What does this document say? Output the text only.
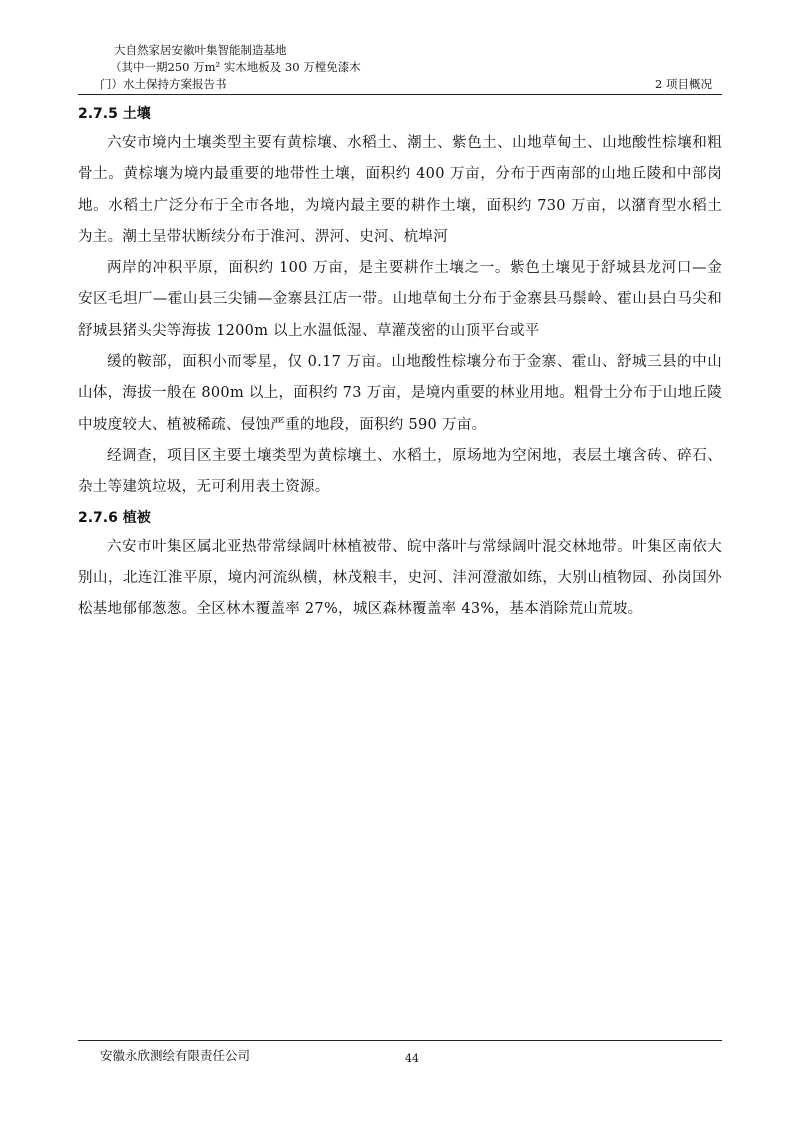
大自然家居安徽叶集智能制造基地
（其中一期250 万m² 实木地板及 30 万樘免漆木
门）水土保持方案报告书	2 项目概况
2.7.5 土壤

六安市境内土壤类型主要有黄棕壤、水稻土、潮土、紫色土、山地草甸土、山地酸性棕壤和粗骨土。黄棕壤为境内最重要的地带性土壤，面积约 400 万亩，分布于西南部的山地丘陵和中部岗地。水稻土广泛分布于全市各地，为境内最主要的耕作土壤，面积约 730 万亩，以潴育型水稻土为主。潮土呈带状断续分布于淮河、淠河、史河、杭埠河

两岸的冲积平原，面积约 100 万亩，是主要耕作土壤之一。紫色土壤见于舒城县龙河口—金安区毛坦厂—霍山县三尖铺—金寨县江店一带。山地草甸土分布于金寨县马鬃岭、霍山县白马尖和舒城县猪头尖等海拔 1200m 以上水温低湿、草灌茂密的山顶平台或平

缓的鞍部，面积小而零星，仅 0.17 万亩。山地酸性棕壤分布于金寨、霍山、舒城三县的中山山体，海拔一般在 800m 以上，面积约 73 万亩，是境内重要的林业用地。粗骨土分布于山地丘陵中坡度较大、植被稀疏、侵蚀严重的地段，面积约 590 万亩。

经调查，项目区主要土壤类型为黄棕壤土、水稻土，原场地为空闲地，表层土壤含砖、碎石、杂土等建筑垃圾，无可利用表土资源。

2.7.6 植被

六安市叶集区属北亚热带常绿阔叶林植被带、皖中落叶与常绿阔叶混交林地带。叶集区南依大别山，北连江淮平原，境内河流纵横，林茂粮丰，史河、沣河澄澈如练，大别山植物园、孙岗国外松基地郁郁葱葱。全区林木覆盖率 27%，城区森林覆盖率 43%，基本消除荒山荒坡。

安徽永欣测绘有限责任公司	44
